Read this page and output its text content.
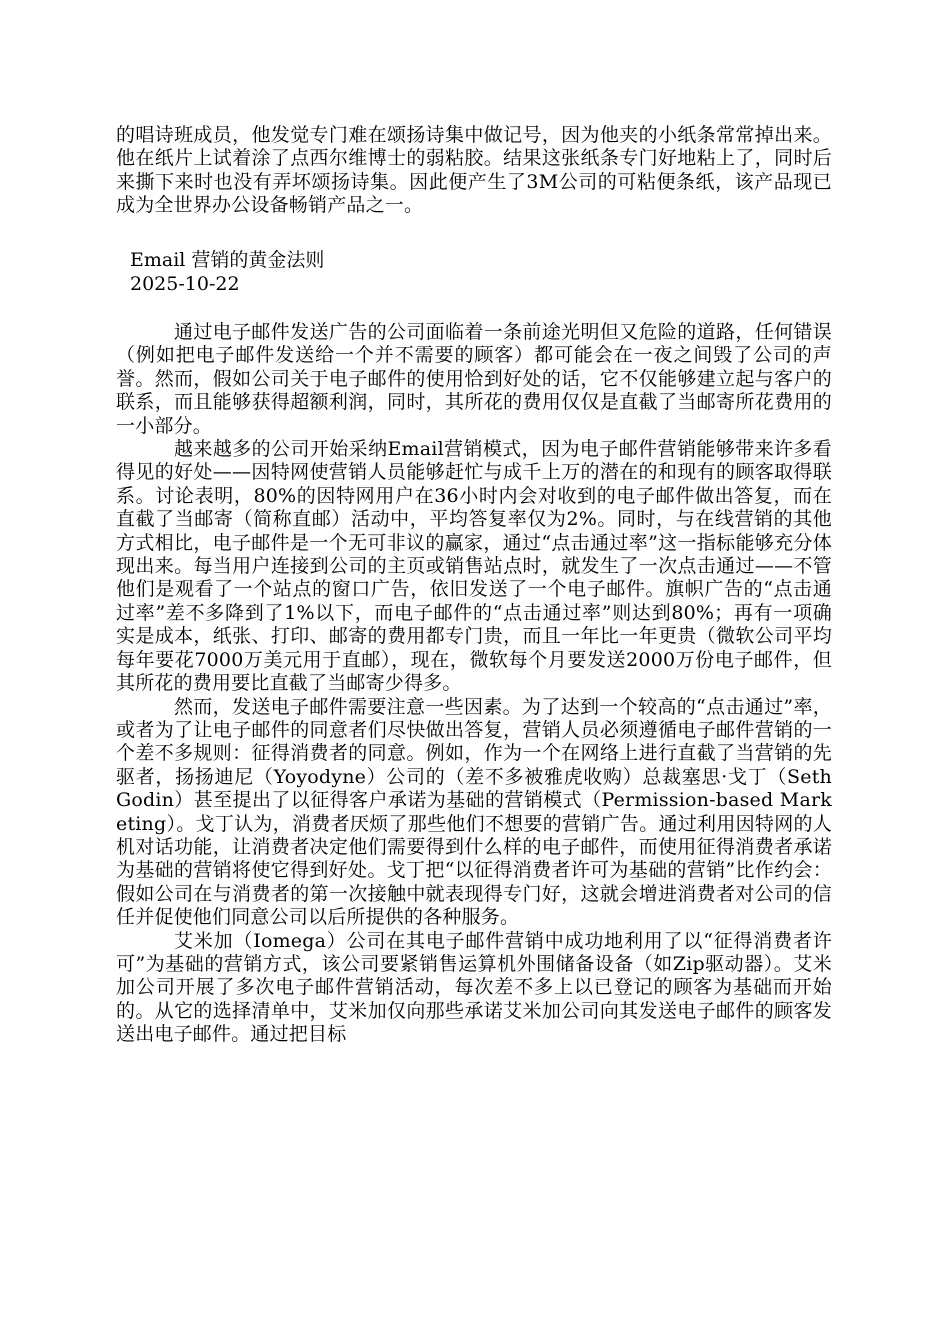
的唱诗班成员，他发觉专门难在颂扬诗集中做记号，因为他夹的小纸条常常掉出来。他在纸片上试着涂了点西尔维博士的弱粘胶。结果这张纸条专门好地粘上了，同时后来撕下来时也没有弄坏颂扬诗集。因此便产生了3M公司的可粘便条纸，该产品现已成为全世界办公设备畅销产品之一。
Email 营销的黄金法则
2025-10-22

通过电子邮件发送广告的公司面临着一条前途光明但又危险的道路，任何错误（例如把电子邮件发送给一个并不需要的顾客）都可能会在一夜之间毁了公司的声誉。然而，假如公司关于电子邮件的使用恰到好处的话，它不仅能够建立起与客户的联系，而且能够获得超额利润，同时，其所花的费用仅仅是直截了当邮寄所花费用的一小部分。

越来越多的公司开始采纳Email营销模式，因为电子邮件营销能够带来许多看得见的好处——因特网使营销人员能够赶忙与成千上万的潜在的和现有的顾客取得联系。讨论表明，80%的因特网用户在36小时内会对收到的电子邮件做出答复，而在直截了当邮寄（简称直邮）活动中，平均答复率仅为2%。同时，与在线营销的其他方式相比，电子邮件是一个无可非议的赢家，通过“点击通过率”这一指标能够充分体现出来。每当用户连接到公司的主页或销售站点时，就发生了一次点击通过——不管他们是观看了一个站点的窗口广告，依旧发送了一个电子邮件。旗帜广告的“点击通过率”差不多降到了1%以下，而电子邮件的“点击通过率”则达到80%；再有一项确实是成本，纸张、打印、邮寄的费用都专门贵，而且一年比一年更贵（微软公司平均每年要花7000万美元用于直邮），现在，微软每个月要发送2000万份电子邮件，但其所花的费用要比直截了当邮寄少得多。

然而，发送电子邮件需要注意一些因素。为了达到一个较高的“点击通过”率，或者为了让电子邮件的同意者们尽快做出答复，营销人员必须遵循电子邮件营销的一个差不多规则：征得消费者的同意。例如，作为一个在网络上进行直截了当营销的先驱者，扬扬迪尼（Yoyodyne）公司的（差不多被雅虎收购）总裁塞思·戈丁（Seth Godin）甚至提出了以征得客户承诺为基础的营销模式（Permission-based Marketing）。戈丁认为，消费者厌烦了那些他们不想要的营销广告。通过利用因特网的人机对话功能，让消费者决定他们需要得到什么样的电子邮件，而使用征得消费者承诺为基础的营销将使它得到好处。戈丁把“以征得消费者许可为基础的营销”比作约会：假如公司在与消费者的第一次接触中就表现得专门好，这就会增进消费者对公司的信任并促使他们同意公司以后所提供的各种服务。

艾米加（Iomega）公司在其电子邮件营销中成功地利用了以“征得消费者许可”为基础的营销方式，该公司要紧销售运算机外围储备设备（如Zip驱动器）。艾米加公司开展了多次电子邮件营销活动，每次差不多上以已登记的顾客为基础而开始的。从它的选择清单中，艾米加仅向那些承诺艾米加公司向其发送电子邮件的顾客发送出电子邮件。通过把目标
